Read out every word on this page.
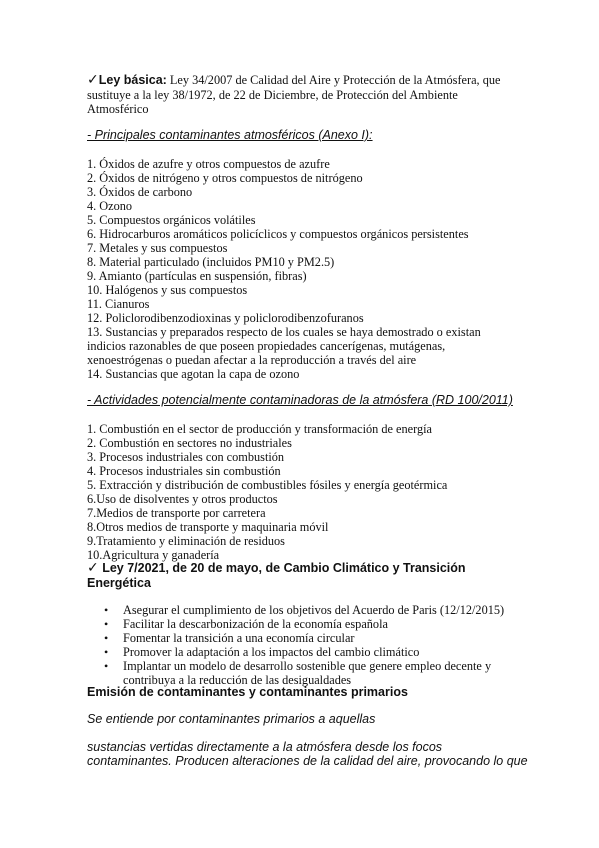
✓Ley básica: Ley 34/2007 de Calidad del Aire y Protección de la Atmósfera, que
sustituye a la ley 38/1972, de 22 de Diciembre, de Protección del Ambiente
Atmosférico
- Principales contaminantes atmosféricos (Anexo I):
1. Óxidos de azufre y otros compuestos de azufre
2. Óxidos de nitrógeno y otros compuestos de nitrógeno
3. Óxidos de carbono
4. Ozono
5. Compuestos orgánicos volátiles
6. Hidrocarburos aromáticos policíclicos y compuestos orgánicos persistentes
7. Metales y sus compuestos
8. Material particulado (incluidos PM10 y PM2.5)
9. Amianto (partículas en suspensión, fibras)
10. Halógenos y sus compuestos
11. Cianuros
12. Policlorodibenzodioxinas y policlorodibenzofuranos
13. Sustancias y preparados respecto de los cuales se haya demostrado o existan
indicios razonables de que poseen propiedades cancerígenas, mutágenas,
xenoestrógenas o puedan afectar a la reproducción a través del aire
14. Sustancias que agotan la capa de ozono
- Actividades potencialmente contaminadoras de la atmósfera (RD 100/2011)
1. Combustión en el sector de producción y transformación de energía
2. Combustión en sectores no industriales
3. Procesos industriales con combustión
4. Procesos industriales sin combustión
5. Extracción y distribución de combustibles fósiles y energía geotérmica
6.Uso de disolventes y otros productos
7.Medios de transporte por carretera
8.Otros medios de transporte y maquinaria móvil
9.Tratamiento y eliminación de residuos
10.Agricultura y ganadería
✓ Ley 7/2021, de 20 de mayo, de Cambio Climático y Transición
Energética
• Asegurar el cumplimiento de los objetivos del Acuerdo de Paris (12/12/2015)
• Facilitar la descarbonización de la economía española
• Fomentar la transición a una economía circular
• Promover la adaptación a los impactos del cambio climático
• Implantar un modelo de desarrollo sostenible que genere empleo decente y
contribuya a la reducción de las desigualdades
Emisión de contaminantes y contaminantes primarios
Se entiende por contaminantes primarios a aquellas
sustancias vertidas directamente a la atmósfera desde los focos
contaminantes. Producen alteraciones de la calidad del aire, provocando lo que
